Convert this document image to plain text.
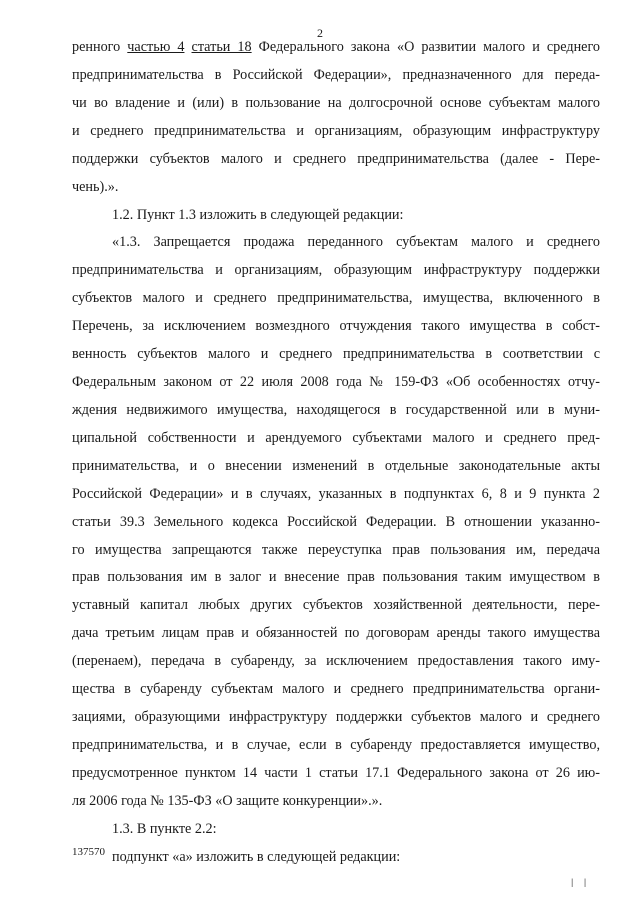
2
ренного частью 4 статьи 18 Федерального закона «О развитии малого и среднего
предпринимательства в Российской Федерации», предназначенного для переда-
чи во владение и (или) в пользование на долгосрочной основе субъектам малого
и среднего предпринимательства и организациям, образующим инфраструктуру
поддержки субъектов малого и среднего предпринимательства (далее - Пере-
чень).».
1.2. Пункт 1.3 изложить в следующей редакции:
«1.3. Запрещается продажа переданного субъектам малого и среднего
предпринимательства и организациям, образующим инфраструктуру поддержки
субъектов малого и среднего предпринимательства, имущества, включенного в
Перечень, за исключением возмездного отчуждения такого имущества в собст-
венность субъектов малого и среднего предпринимательства в соответствии с
Федеральным законом от 22 июля 2008 года № 159-ФЗ «Об особенностях отчу-
ждения недвижимого имущества, находящегося в государственной или в муни-
ципальной собственности и арендуемого субъектами малого и среднего пред-
принимательства, и о внесении изменений в отдельные законодательные акты
Российской Федерации» и в случаях, указанных в подпунктах 6, 8 и 9 пункта 2
статьи 39.3 Земельного кодекса Российской Федерации. В отношении указанно-
го имущества запрещаются также переуступка прав пользования им, передача
прав пользования им в залог и внесение прав пользования таким имуществом в
уставный капитал любых других субъектов хозяйственной деятельности, пере-
дача третьим лицам прав и обязанностей по договорам аренды такого имущества
(перенаем), передача в субаренду, за исключением предоставления такого иму-
щества в субаренду субъектам малого и среднего предпринимательства органи-
зациями, образующими инфраструктуру поддержки субъектов малого и среднего
предпринимательства, и в случае, если в субаренду предоставляется имущество,
предусмотренное пунктом 14 части 1 статьи 17.1 Федерального закона от 26 ию-
ля 2006 года № 135-ФЗ «О защите конкуренции».».
1.3. В пункте 2.2:
подпункт «а» изложить в следующей редакции:
137570
| |
